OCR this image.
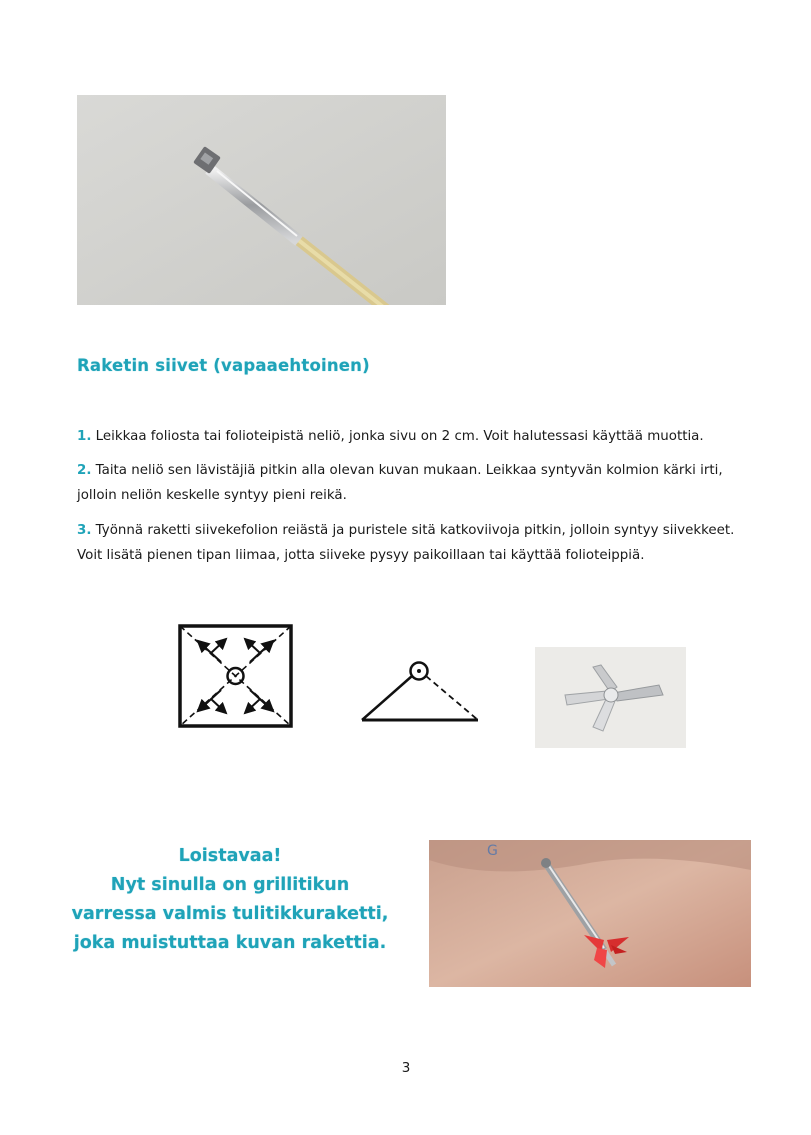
Raketin siivet (vapaaehtoinen)
1. Leikkaa foliosta tai folioteipistä neliö, jonka sivu on 2 cm. Voit halutessasi käyttää muottia.
2. Taita neliö sen lävistäjiä pitkin alla olevan kuvan mukaan. Leikkaa syntyvän kolmion kärki irti, jolloin neliön keskelle syntyy pieni reikä.
3. Työnnä raketti siivekefolion reiästä ja puristele sitä katkoviivoja pitkin, jolloin syntyy siivekkeet. Voit lisätä pienen tipan liimaa, jotta siiveke pysyy paikoillaan tai käyttää folioteippiä.
Loistavaa!
Nyt sinulla on grillitikun
varressa valmis tulitikkuraketti,
joka muistuttaa kuvan rakettia.
G
3
